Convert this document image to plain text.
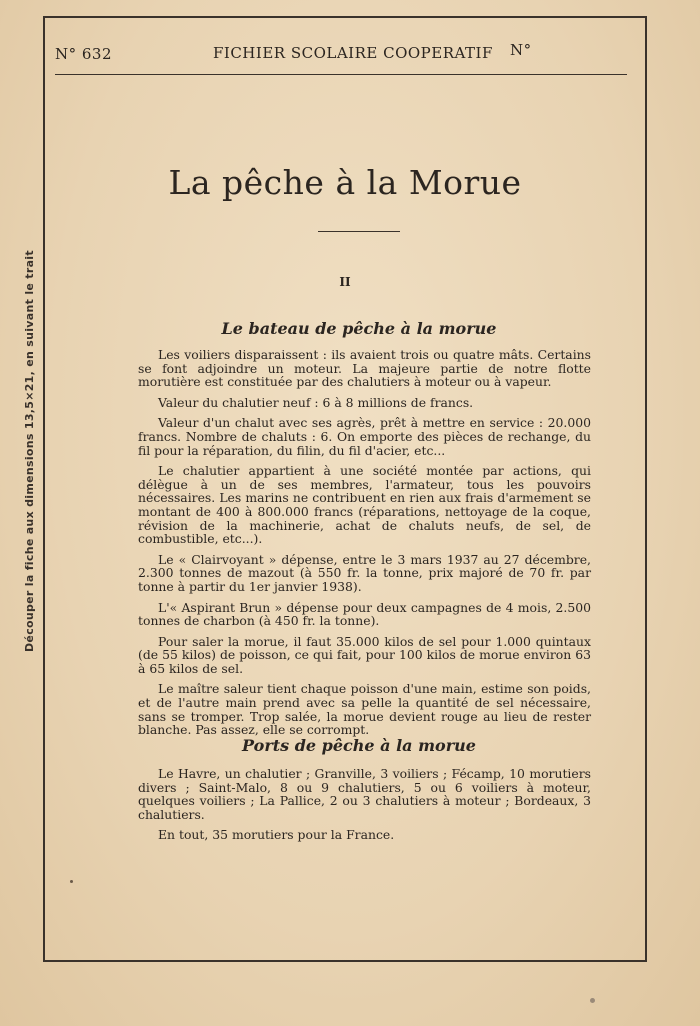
Découper la fiche aux dimensions 13,5×21, en suivant le trait
N° 632	FICHIER SCOLAIRE COOPERATIF N°
La pêche à la Morue
II
Le bateau de pêche à la morue

Les voiliers disparaissent : ils avaient trois ou quatre mâts. Certains se font adjoindre un moteur. La majeure partie de notre flotte morutière est constituée par des chalutiers à moteur ou à vapeur.

Valeur du chalutier neuf : 6 à 8 millions de francs.

Valeur d'un chalut avec ses agrès, prêt à mettre en service : 20.000 francs. Nombre de chaluts : 6. On emporte des pièces de rechange, du fil pour la réparation, du filin, du fil d'acier, etc...

Le chalutier appartient à une société montée par actions, qui délègue à un de ses membres, l'armateur, tous les pouvoirs nécessaires. Les marins ne contribuent en rien aux frais d'armement se montant de 400 à 800.000 francs (réparations, nettoyage de la coque, révision de la machinerie, achat de chaluts neufs, de sel, de combustible, etc...).

Le « Clairvoyant » dépense, entre le 3 mars 1937 au 27 décembre, 2.300 tonnes de mazout (à 550 fr. la tonne, prix majoré de 70 fr. par tonne à partir du 1er janvier 1938).

L'« Aspirant Brun » dépense pour deux campagnes de 4 mois, 2.500 tonnes de charbon (à 450 fr. la tonne).

Pour saler la morue, il faut 35.000 kilos de sel pour 1.000 quintaux (de 55 kilos) de poisson, ce qui fait, pour 100 kilos de morue environ 63 à 65 kilos de sel.

Le maître saleur tient chaque poisson d'une main, estime son poids, et de l'autre main prend avec sa pelle la quantité de sel nécessaire, sans se tromper. Trop salée, la morue devient rouge au lieu de rester blanche. Pas assez, elle se corrompt.

Ports de pêche à la morue

Le Havre, un chalutier ; Granville, 3 voiliers ; Fécamp, 10 morutiers divers ; Saint-Malo, 8 ou 9 chalutiers, 5 ou 6 voiliers à moteur, quelques voiliers ; La Pallice, 2 ou 3 chalutiers à moteur ; Bordeaux, 3 chalutiers.

En tout, 35 morutiers pour la France.
